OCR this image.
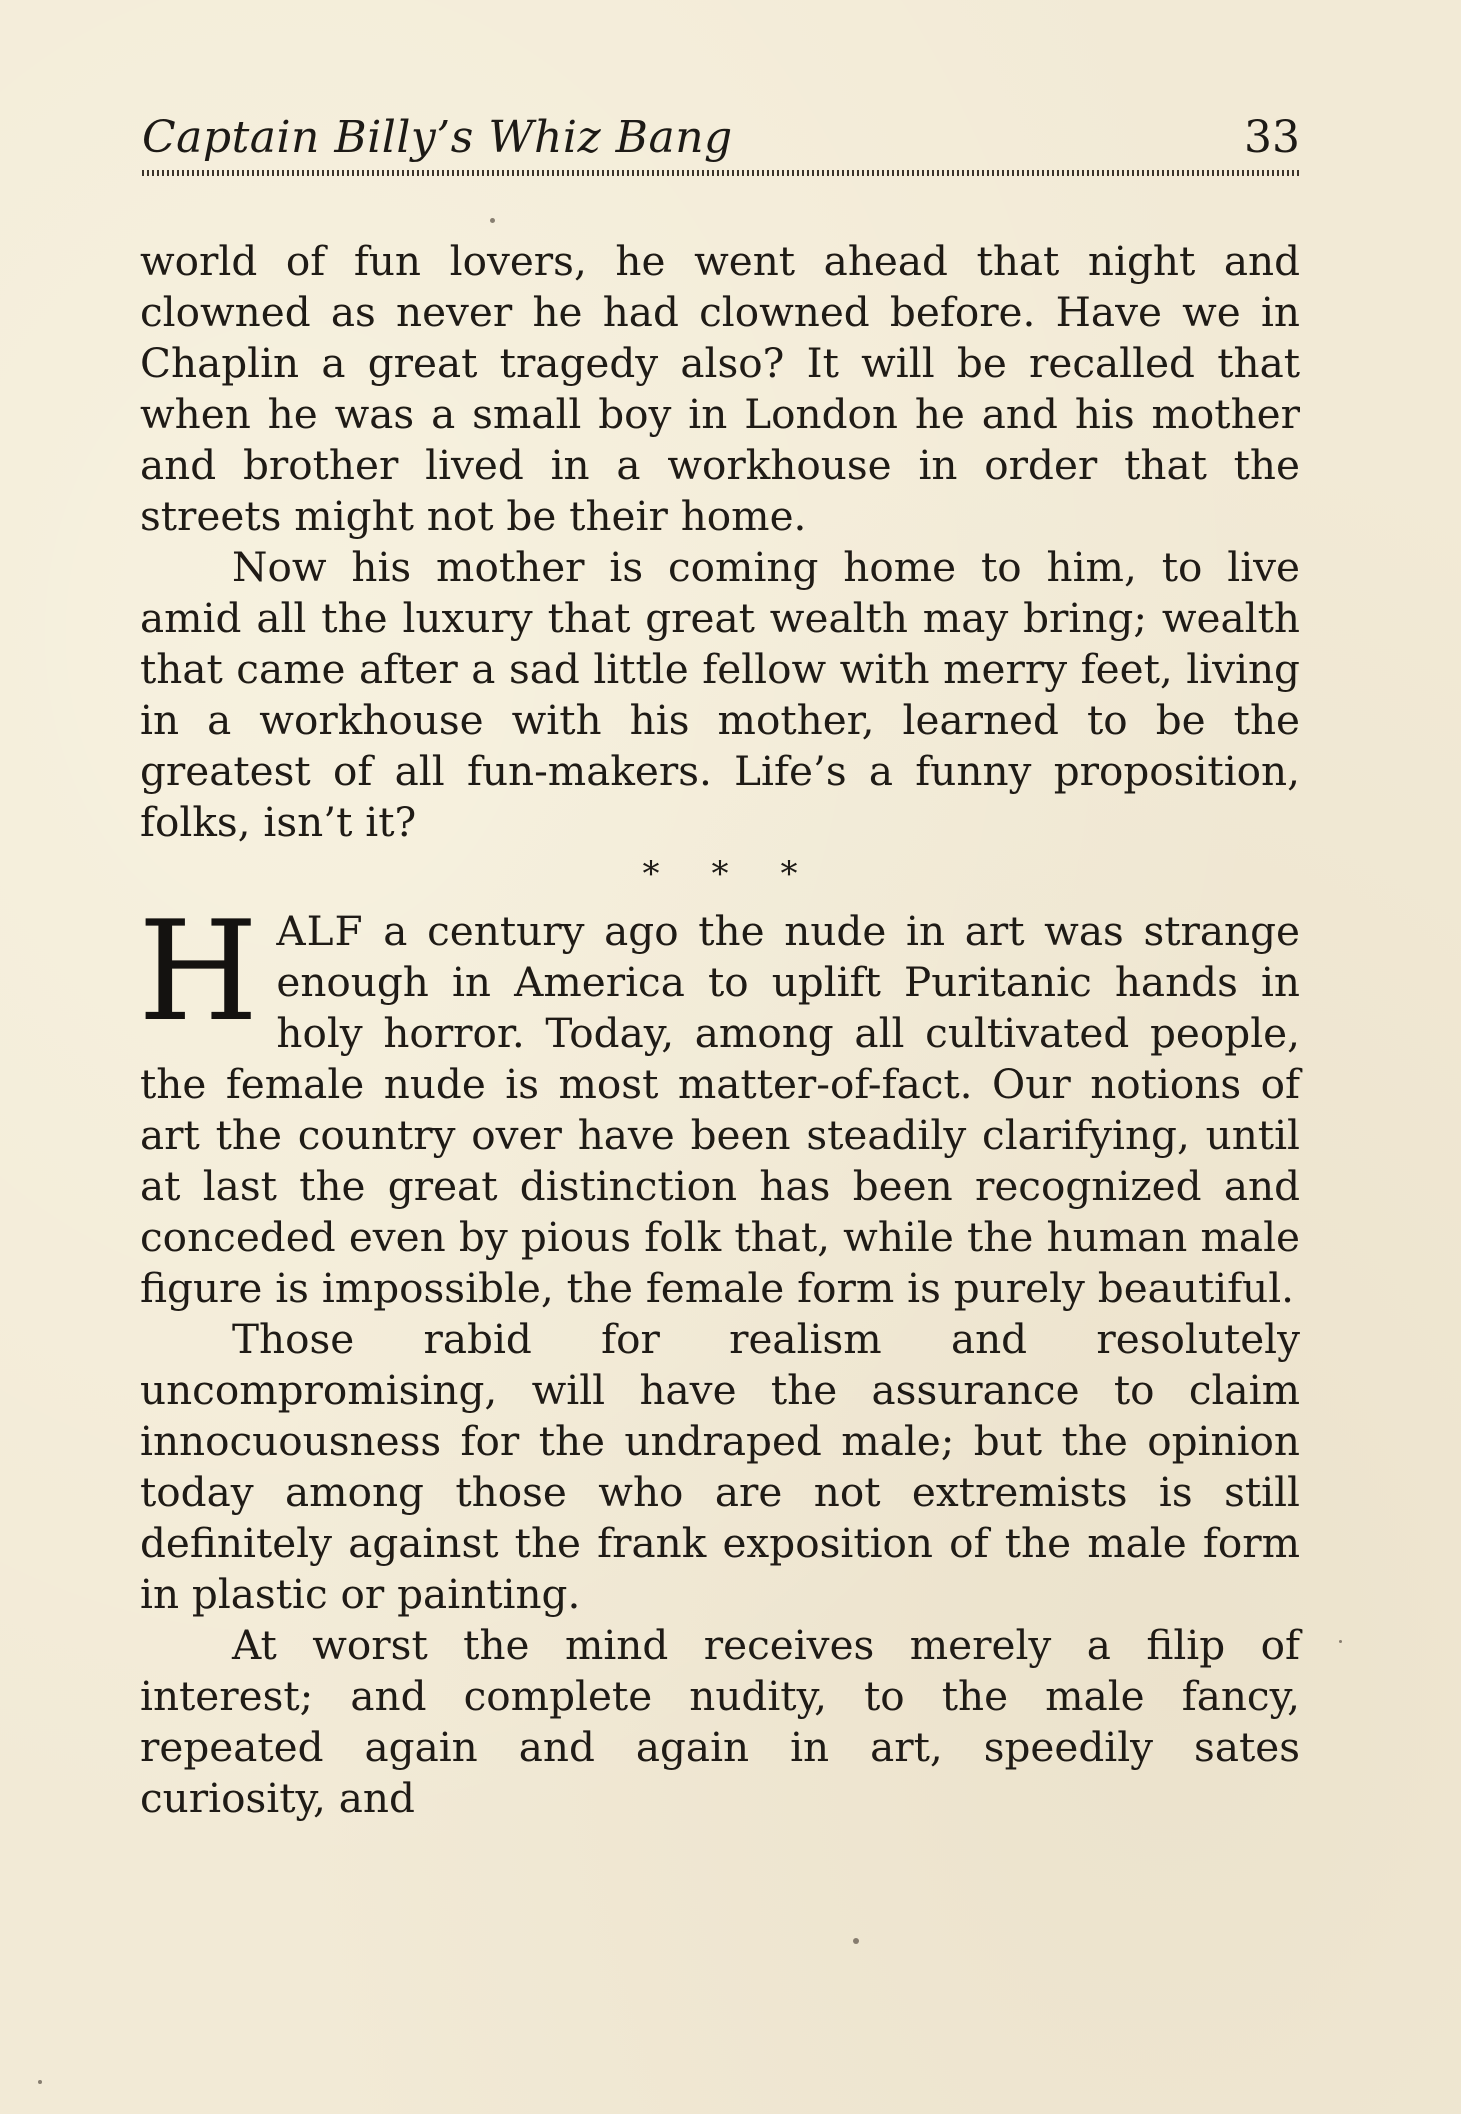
Captain Billy’s Whiz Bang	33

world of fun lovers, he went ahead that night and clowned as never he had clowned before. Have we in Chaplin a great tragedy also? It will be recalled that when he was a small boy in London he and his mother and brother lived in a workhouse in order that the streets might not be their home.

Now his mother is coming home to him, to live amid all the luxury that great wealth may bring; wealth that came after a sad little fellow with merry feet, living in a workhouse with his mother, learned to be the greatest of all fun-makers. Life’s a funny proposition, folks, isn’t it?

***

HALF a century ago the nude in art was strange enough in America to uplift Puritanic hands in holy horror. Today, among all cultivated people, the female nude is most matter-of-fact. Our notions of art the country over have been steadily clarifying, until at last the great distinction has been recognized and conceded even by pious folk that, while the human male figure is impossible, the female form is purely beautiful.

Those rabid for realism and resolutely uncompromising, will have the assurance to claim innocuousness for the undraped male; but the opinion today among those who are not extremists is still definitely against the frank exposition of the male form in plastic or painting.

At worst the mind receives merely a filip of interest; and complete nudity, to the male fancy, repeated again and again in art, speedily sates curiosity, and
